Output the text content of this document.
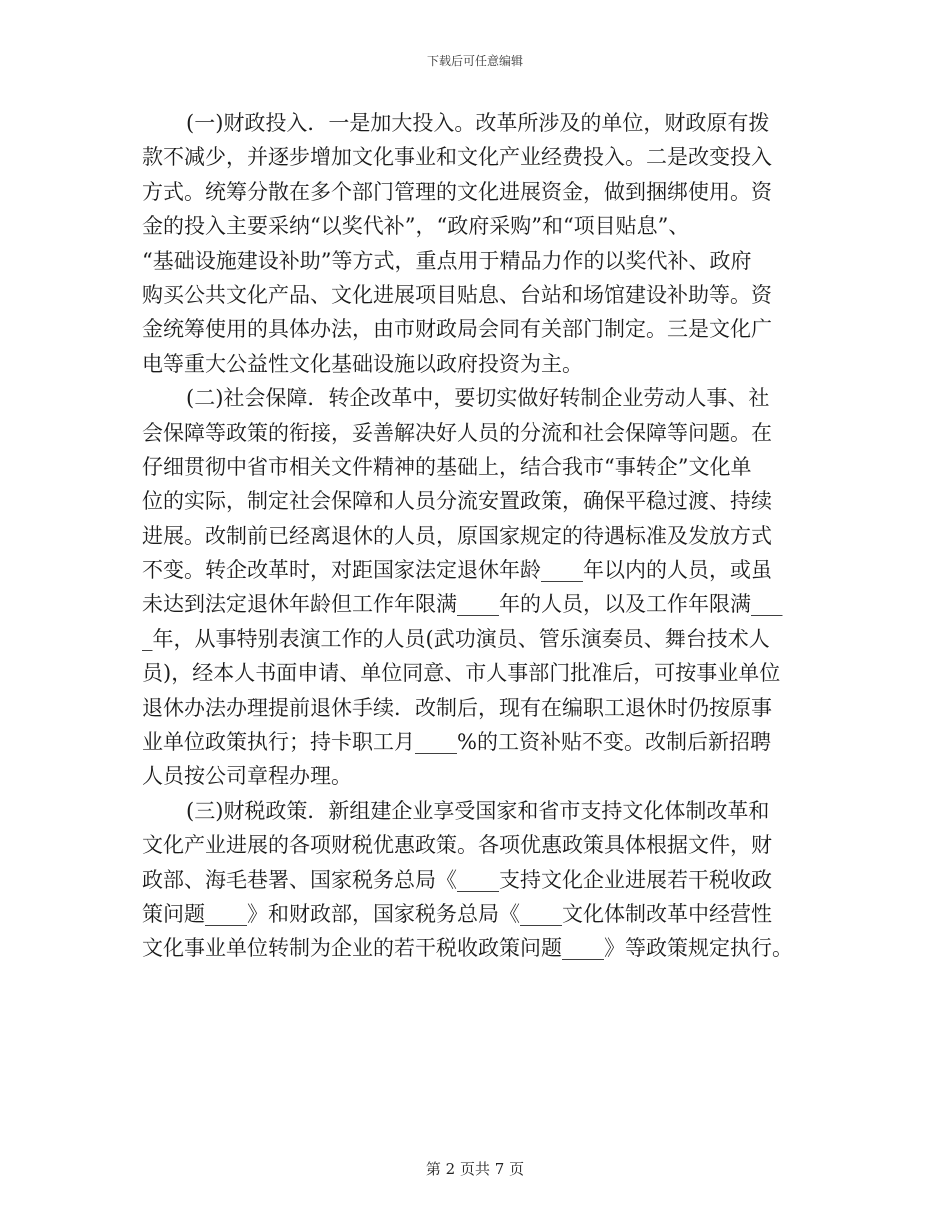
下载后可任意编辑
(一)财政投入．一是加大投入。改革所涉及的单位，财政原有拨
款不减少，并逐步增加文化事业和文化产业经费投入。二是改变投入
方式。统筹分散在多个部门管理的文化进展资金，做到捆绑使用。资
金的投入主要采纳“以奖代补”，“政府采购”和“项目贴息”、
“基础设施建设补助”等方式，重点用于精品力作的以奖代补、政府
购买公共文化产品、文化进展项目贴息、台站和场馆建设补助等。资
金统筹使用的具体办法，由市财政局会同有关部门制定。三是文化广
电等重大公益性文化基础设施以政府投资为主。
(二)社会保障．转企改革中，要切实做好转制企业劳动人事、社
会保障等政策的衔接，妥善解决好人员的分流和社会保障等问题。在
仔细贯彻中省市相关文件精神的基础上，结合我市“事转企”文化单
位的实际，制定社会保障和人员分流安置政策，确保平稳过渡、持续
进展。改制前已经离退休的人员，原国家规定的待遇标准及发放方式
不变。转企改革时，对距国家法定退休年龄____年以内的人员，或虽
未达到法定退休年龄但工作年限满____年的人员，以及工作年限满___
_年，从事特别表演工作的人员(武功演员、管乐演奏员、舞台技术人
员)，经本人书面申请、单位同意、市人事部门批准后，可按事业单位
退休办法办理提前退休手续．改制后，现有在编职工退休时仍按原事
业单位政策执行；持卡职工月____%的工资补贴不变。改制后新招聘
人员按公司章程办理。
(三)财税政策．新组建企业享受国家和省市支持文化体制改革和
文化产业进展的各项财税优惠政策。各项优惠政策具体根据文件，财
政部、海毛巷署、国家税务总局《____支持文化企业进展若干税收政
策问题____》和财政部，国家税务总局《____文化体制改革中经营性
文化事业单位转制为企业的若干税收政策问题____》等政策规定执行。
第 2 页共 7 页
